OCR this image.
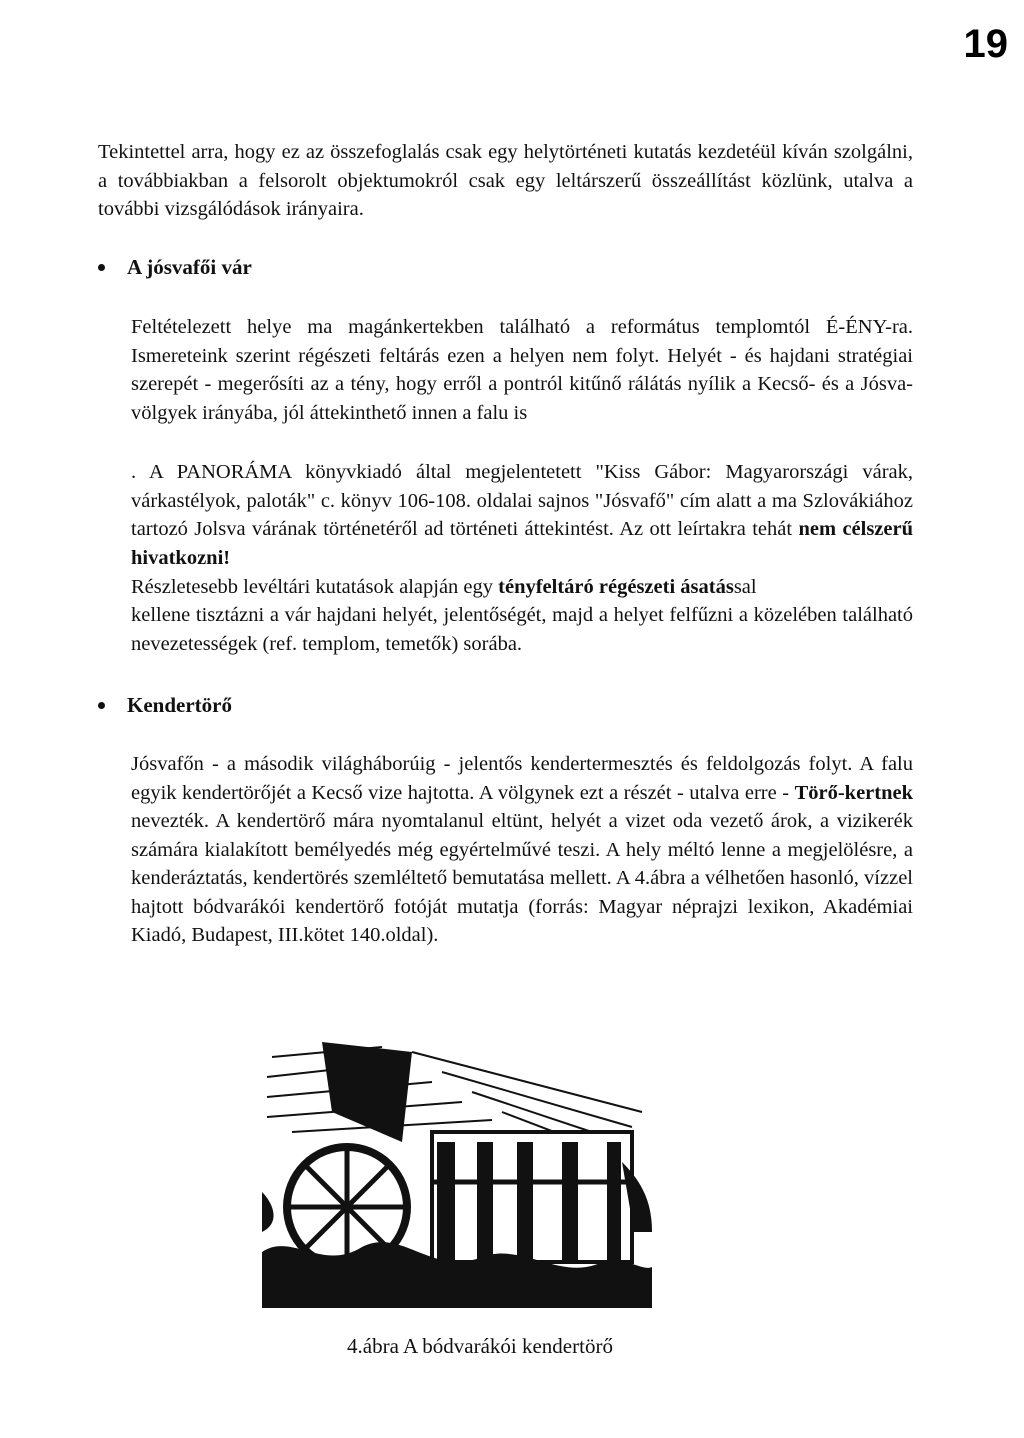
19
Tekintettel arra, hogy ez az összefoglalás csak egy helytörténeti kutatás kezdetéül kíván szolgálni, a továbbiakban a felsorolt objektumokról csak egy leltárszerű összeállítást közlünk, utalva a további vizsgálódások irányaira.
A jósvafői vár
Feltételezett helye ma magánkertekben található a református templomtól É-ÉNY-ra. Ismereteink szerint régészeti feltárás ezen a helyen nem folyt. Helyét - és hajdani stratégiai szerepét - megerősíti az a tény, hogy erről a pontról kitűnő rálátás nyílik a Kecső- és a Jósva-völgyek irányába, jól áttekinthető innen a falu is
. A PANORÁMA könyvkiadó által megjelentetett "Kiss Gábor: Magyarországi várak, várkastélyok, paloták" c. könyv 106-108. oldalai sajnos "Jósvafő" cím alatt a ma Szlovákiához tartozó Jolsva várának történetéről ad történeti áttekintést. Az ott leírtakra tehát nem célszerű hivatkozni!
Részletesebb levéltári kutatások alapján egy tényfeltáró régészeti ásatással
kellene tisztázni a vár hajdani helyét, jelentőségét, majd a helyet felfűzni a közelében található nevezetességek (ref. templom, temetők) sorába.
Kendertörő
Jósvafőn - a második világháborúig - jelentős kendertermesztés és feldolgozás folyt. A falu egyik kendertörőjét a Kecső vize hajtotta. A völgynek ezt a részét - utalva erre - Törő-kertnek nevezték. A kendertörő mára nyomtalanul eltünt, helyét a vizet oda vezető árok, a vizikerék számára kialakított bemélyedés még egyértelművé teszi. A hely méltó lenne a megjelölésre, a kenderáztatás, kendertörés szemléltető bemutatása mellett. A 4.ábra a vélhetően hasonló, vízzel hajtott bódvarákói kendertörő fotóját mutatja (forrás: Magyar néprajzi lexikon, Akadémiai Kiadó, Budapest, III.kötet 140.oldal).
4.ábra A bódvarákói kendertörő
